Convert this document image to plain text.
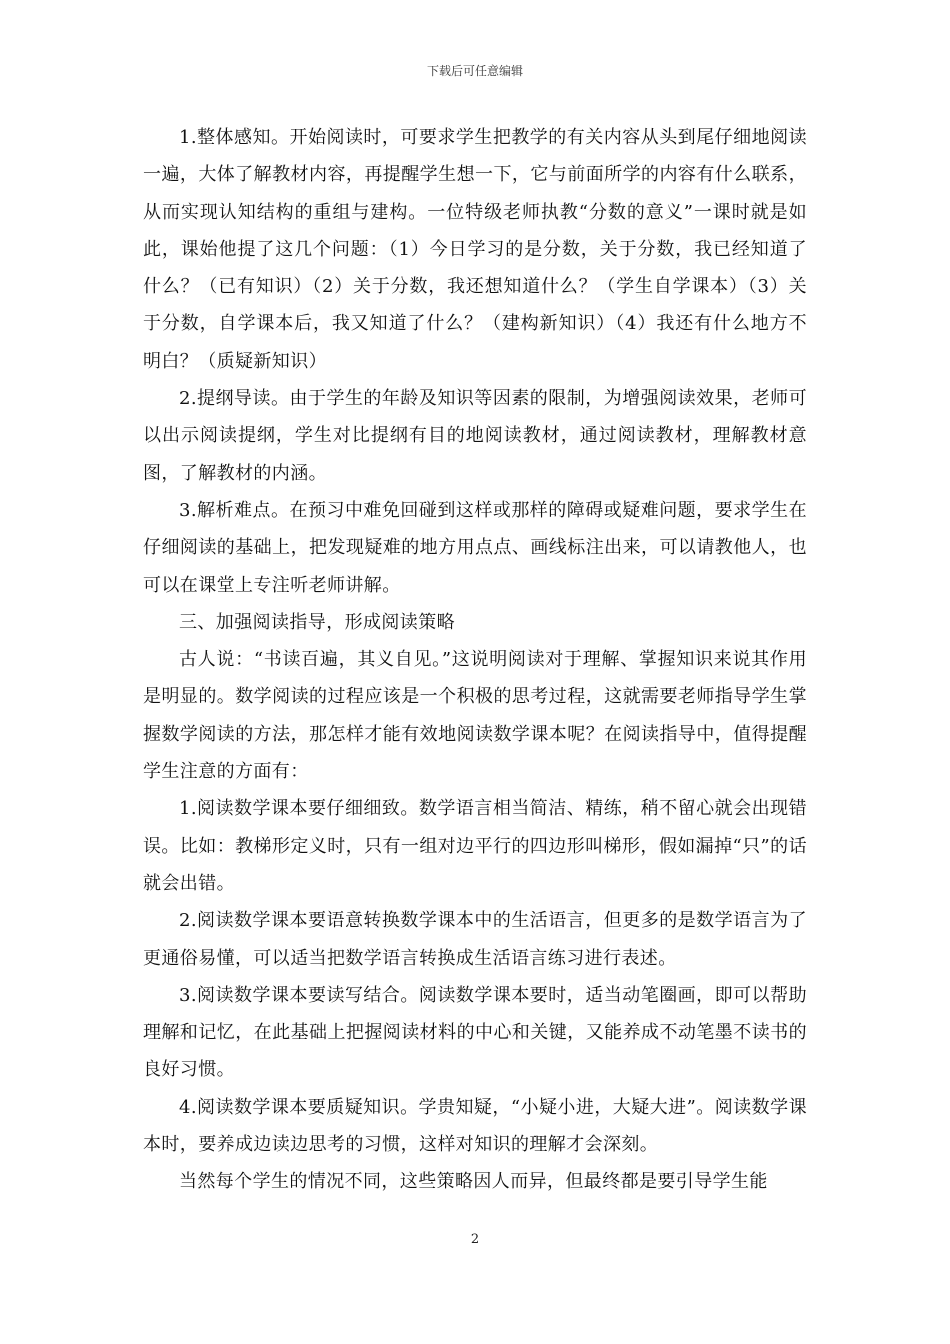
下载后可任意编辑

1.整体感知。开始阅读时，可要求学生把教学的有关内容从头到尾仔细地阅读一遍，大体了解教材内容，再提醒学生想一下，它与前面所学的内容有什么联系，从而实现认知结构的重组与建构。一位特级老师执教“分数的意义”一课时就是如此，课始他提了这几个问题：（1）今日学习的是分数，关于分数，我已经知道了什么？（已有知识）（2）关于分数，我还想知道什么？（学生自学课本）（3）关于分数，自学课本后，我又知道了什么？（建构新知识）（4）我还有什么地方不明白？（质疑新知识）

2.提纲导读。由于学生的年龄及知识等因素的限制，为增强阅读效果，老师可以出示阅读提纲，学生对比提纲有目的地阅读教材，通过阅读教材，理解教材意图，了解教材的内涵。

3.解析难点。在预习中难免回碰到这样或那样的障碍或疑难问题，要求学生在仔细阅读的基础上，把发现疑难的地方用点点、画线标注出来，可以请教他人，也可以在课堂上专注听老师讲解。

三、加强阅读指导，形成阅读策略

古人说：“书读百遍，其义自见。”这说明阅读对于理解、掌握知识来说其作用是明显的。数学阅读的过程应该是一个积极的思考过程，这就需要老师指导学生掌握数学阅读的方法，那怎样才能有效地阅读数学课本呢？在阅读指导中，值得提醒学生注意的方面有：

1.阅读数学课本要仔细细致。数学语言相当简洁、精练，稍不留心就会出现错误。比如：教梯形定义时，只有一组对边平行的四边形叫梯形，假如漏掉“只”的话就会出错。

2.阅读数学课本要语意转换数学课本中的生活语言，但更多的是数学语言为了更通俗易懂，可以适当把数学语言转换成生活语言练习进行表述。

3.阅读数学课本要读写结合。阅读数学课本要时，适当动笔圈画，即可以帮助理解和记忆，在此基础上把握阅读材料的中心和关键，又能养成不动笔墨不读书的良好习惯。

4.阅读数学课本要质疑知识。学贵知疑，“小疑小进，大疑大进”。阅读数学课本时，要养成边读边思考的习惯，这样对知识的理解才会深刻。

当然每个学生的情况不同，这些策略因人而异，但最终都是要引导学生能

2
